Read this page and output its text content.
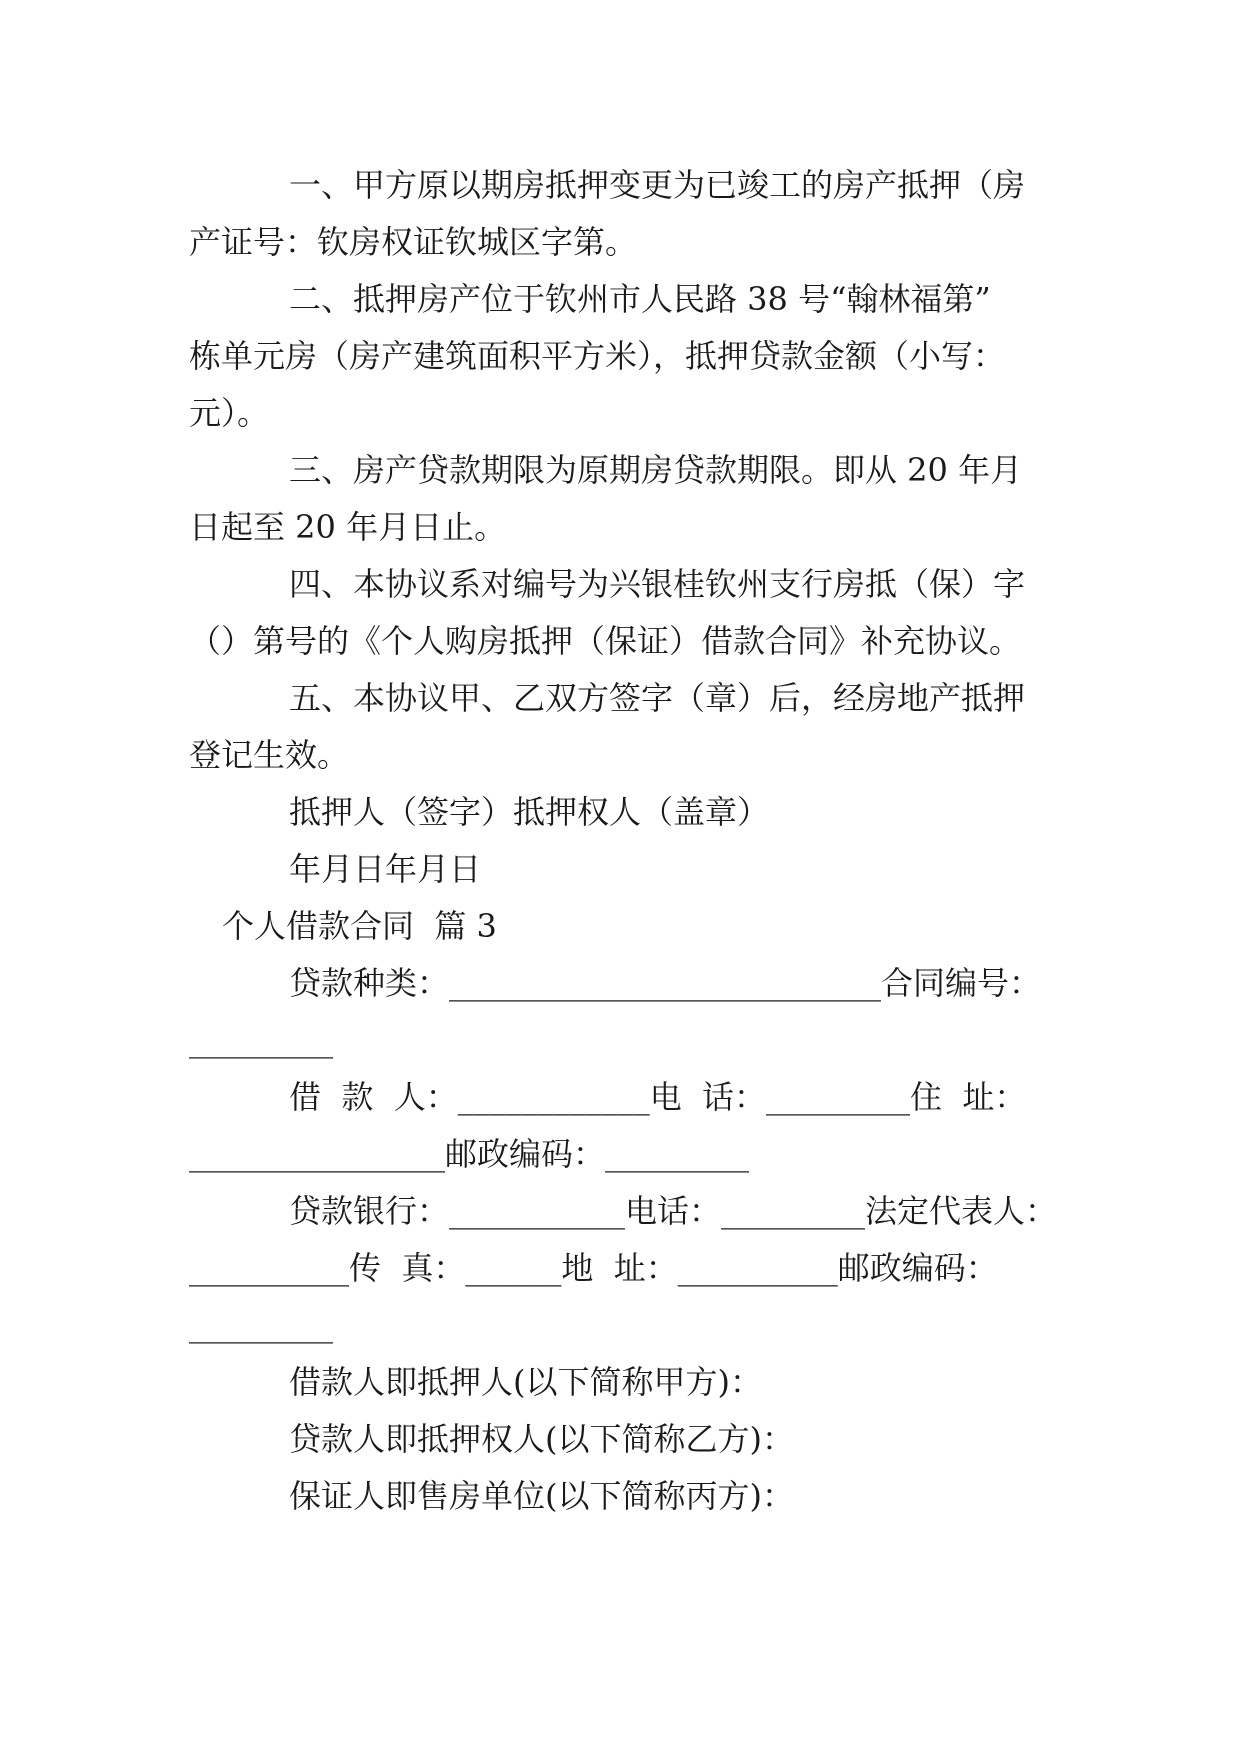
一、甲方原以期房抵押变更为已竣工的房产抵押（房
产证号：钦房权证钦城区字第。
二、抵押房产位于钦州市人民路 38 号“翰林福第”
栋单元房（房产建筑面积平方米），抵押贷款金额（小写：
元）。
三、房产贷款期限为原期房贷款期限。即从 20 年月
日起至 20 年月日止。
四、本协议系对编号为兴银桂钦州支行房抵（保）字
（）第号的《个人购房抵押（保证）借款合同》补充协议。
五、本协议甲、乙双方签字（章）后，经房地产抵押
登记生效。
抵押人（签字）抵押权人（盖章）
年月日年月日
个人借款合同  篇 3
贷款种类：___________________________合同编号：
_________
借  款  人：____________电  话：_________住  址：
________________邮政编码：_________
贷款银行：___________电话：_________法定代表人：
__________传  真：______地  址：__________邮政编码：
_________
借款人即抵押人(以下简称甲方)：
贷款人即抵押权人(以下简称乙方)：
保证人即售房单位(以下简称丙方)：
